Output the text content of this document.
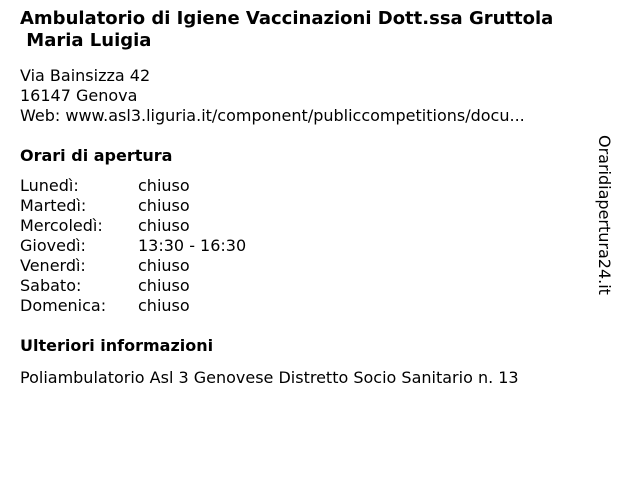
Ambulatorio di Igiene Vaccinazioni Dott.ssa Gruttola
Maria Luigia
Via Bainsizza 42
16147 Genova
Web: www.asl3.liguria.it/component/publiccompetitions/docu...
Orari di apertura
Lunedì:	chiuso
Martedì:	chiuso
Mercoledì:	chiuso
Giovedì:	13:30 - 16:30
Venerdì:	chiuso
Sabato:	chiuso
Domenica:	chiuso
Ulteriori informazioni
Poliambulatorio Asl 3 Genovese Distretto Socio Sanitario n. 13
Oraridiapertura24.it
